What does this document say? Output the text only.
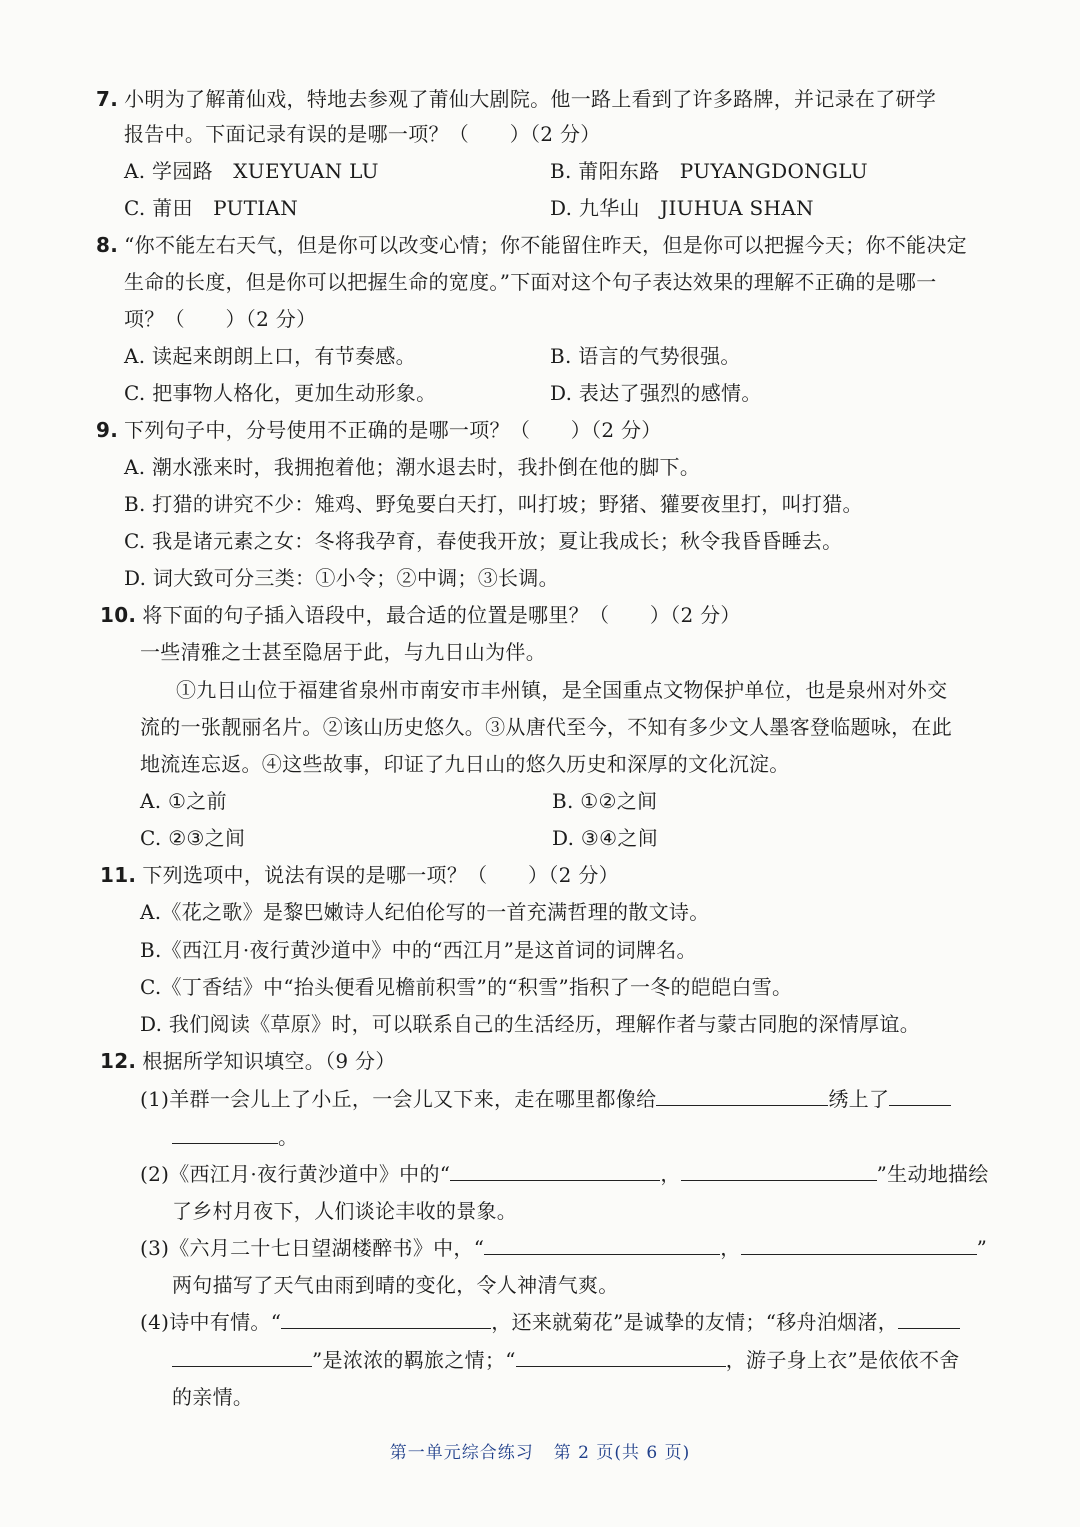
7. 小明为了解莆仙戏，特地去参观了莆仙大剧院。他一路上看到了许多路牌，并记录在了研学
报告中。下面记录有误的是哪一项？（　　）（2 分）
A. 学园路　XUEYUAN LU	B. 莆阳东路　PUYANGDONGLU
C. 莆田　PUTIAN	D. 九华山　JIUHUA SHAN
8. “你不能左右天气，但是你可以改变心情；你不能留住昨天，但是你可以把握今天；你不能决定
生命的长度，但是你可以把握生命的宽度。”下面对这个句子表达效果的理解不正确的是哪一
项？（　　）（2 分）
A. 读起来朗朗上口，有节奏感。	B. 语言的气势很强。
C. 把事物人格化，更加生动形象。	D. 表达了强烈的感情。
9. 下列句子中，分号使用不正确的是哪一项？（　　）（2 分）
A. 潮水涨来时，我拥抱着他；潮水退去时，我扑倒在他的脚下。
B. 打猎的讲究不少：雉鸡、野兔要白天打，叫打坡；野猪、獾要夜里打，叫打猎。
C. 我是诸元素之女：冬将我孕育，春使我开放；夏让我成长；秋令我昏昏睡去。
D. 词大致可分三类：①小令；②中调；③长调。
10. 将下面的句子插入语段中，最合适的位置是哪里？（　　）（2 分）
一些清雅之士甚至隐居于此，与九日山为伴。
①九日山位于福建省泉州市南安市丰州镇，是全国重点文物保护单位，也是泉州对外交
流的一张靓丽名片。②该山历史悠久。③从唐代至今，不知有多少文人墨客登临题咏，在此
地流连忘返。④这些故事，印证了九日山的悠久历史和深厚的文化沉淀。
A. ①之前	B. ①②之间
C. ②③之间	D. ③④之间
11. 下列选项中，说法有误的是哪一项？（　　）（2 分）
A.《花之歌》是黎巴嫩诗人纪伯伦写的一首充满哲理的散文诗。
B.《西江月·夜行黄沙道中》中的“西江月”是这首词的词牌名。
C.《丁香结》中“抬头便看见檐前积雪”的“积雪”指积了一冬的皑皑白雪。
D. 我们阅读《草原》时，可以联系自己的生活经历，理解作者与蒙古同胞的深情厚谊。
12. 根据所学知识填空。（9 分）
(1)羊群一会儿上了小丘，一会儿又下来，走在哪里都像给	绣上了
。
(2)《西江月·夜行黄沙道中》中的“	，	”生动地描绘
了乡村月夜下，人们谈论丰收的景象。
(3)《六月二十七日望湖楼醉书》中，“	，	”
两句描写了天气由雨到晴的变化，令人神清气爽。
(4)诗中有情。“	，还来就菊花”是诚挚的友情；“移舟泊烟渚，
”是浓浓的羁旅之情；“	，游子身上衣”是依依不舍
的亲情。
第一单元综合练习 第 2 页(共 6 页)
